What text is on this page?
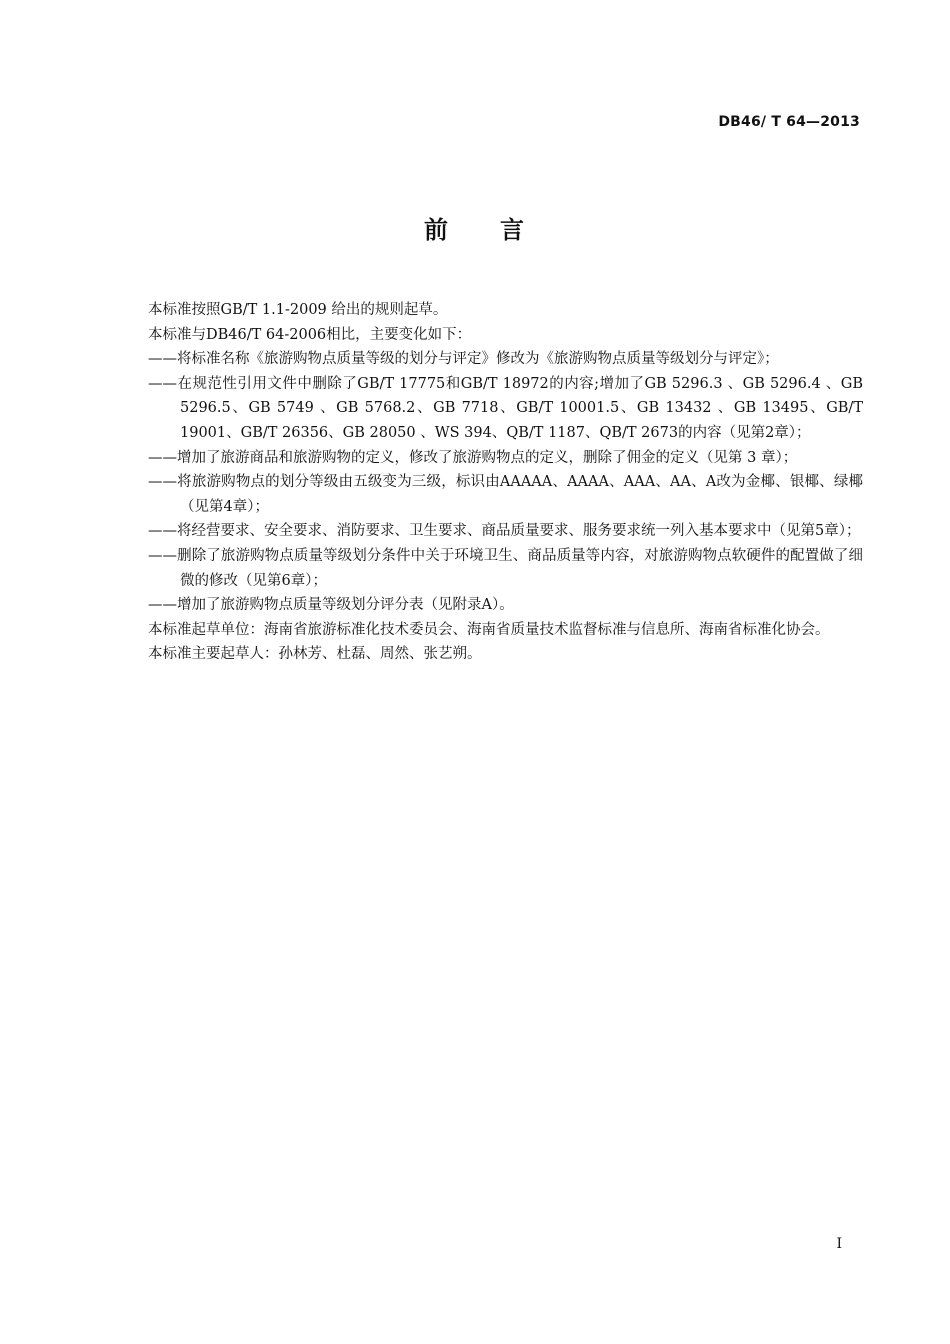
DB46/ T 64—2013
前 言

本标准按照GB/T 1.1-2009 给出的规则起草。

本标准与DB46/T 64-2006相比，主要变化如下：

——将标准名称《旅游购物点质量等级的划分与评定》修改为《旅游购物点质量等级划分与评定》；

——在规范性引用文件中删除了GB/T 17775和GB/T 18972的内容;增加了GB 5296.3 、GB 5296.4 、GB 5296.5、GB 5749 、GB 5768.2、GB 7718、GB/T 10001.5、GB 13432 、GB 13495、GB/T 19001、GB/T 26356、GB 28050 、WS 394、QB/T 1187、QB/T 2673的内容（见第2章）；

——增加了旅游商品和旅游购物的定义，修改了旅游购物点的定义，删除了佣金的定义（见第 3 章）；

——将旅游购物点的划分等级由五级变为三级，标识由AAAAA、AAAA、AAA、AA、A改为金椰、银椰、绿椰（见第4章）；

——将经营要求、安全要求、消防要求、卫生要求、商品质量要求、服务要求统一列入基本要求中（见第5章）；

——删除了旅游购物点质量等级划分条件中关于环境卫生、商品质量等内容，对旅游购物点软硬件的配置做了细微的修改（见第6章）；

——增加了旅游购物点质量等级划分评分表（见附录A）。

本标准起草单位：海南省旅游标准化技术委员会、海南省质量技术监督标准与信息所、海南省标准化协会。

本标准主要起草人：孙林芳、杜磊、周然、张艺朔。

I
